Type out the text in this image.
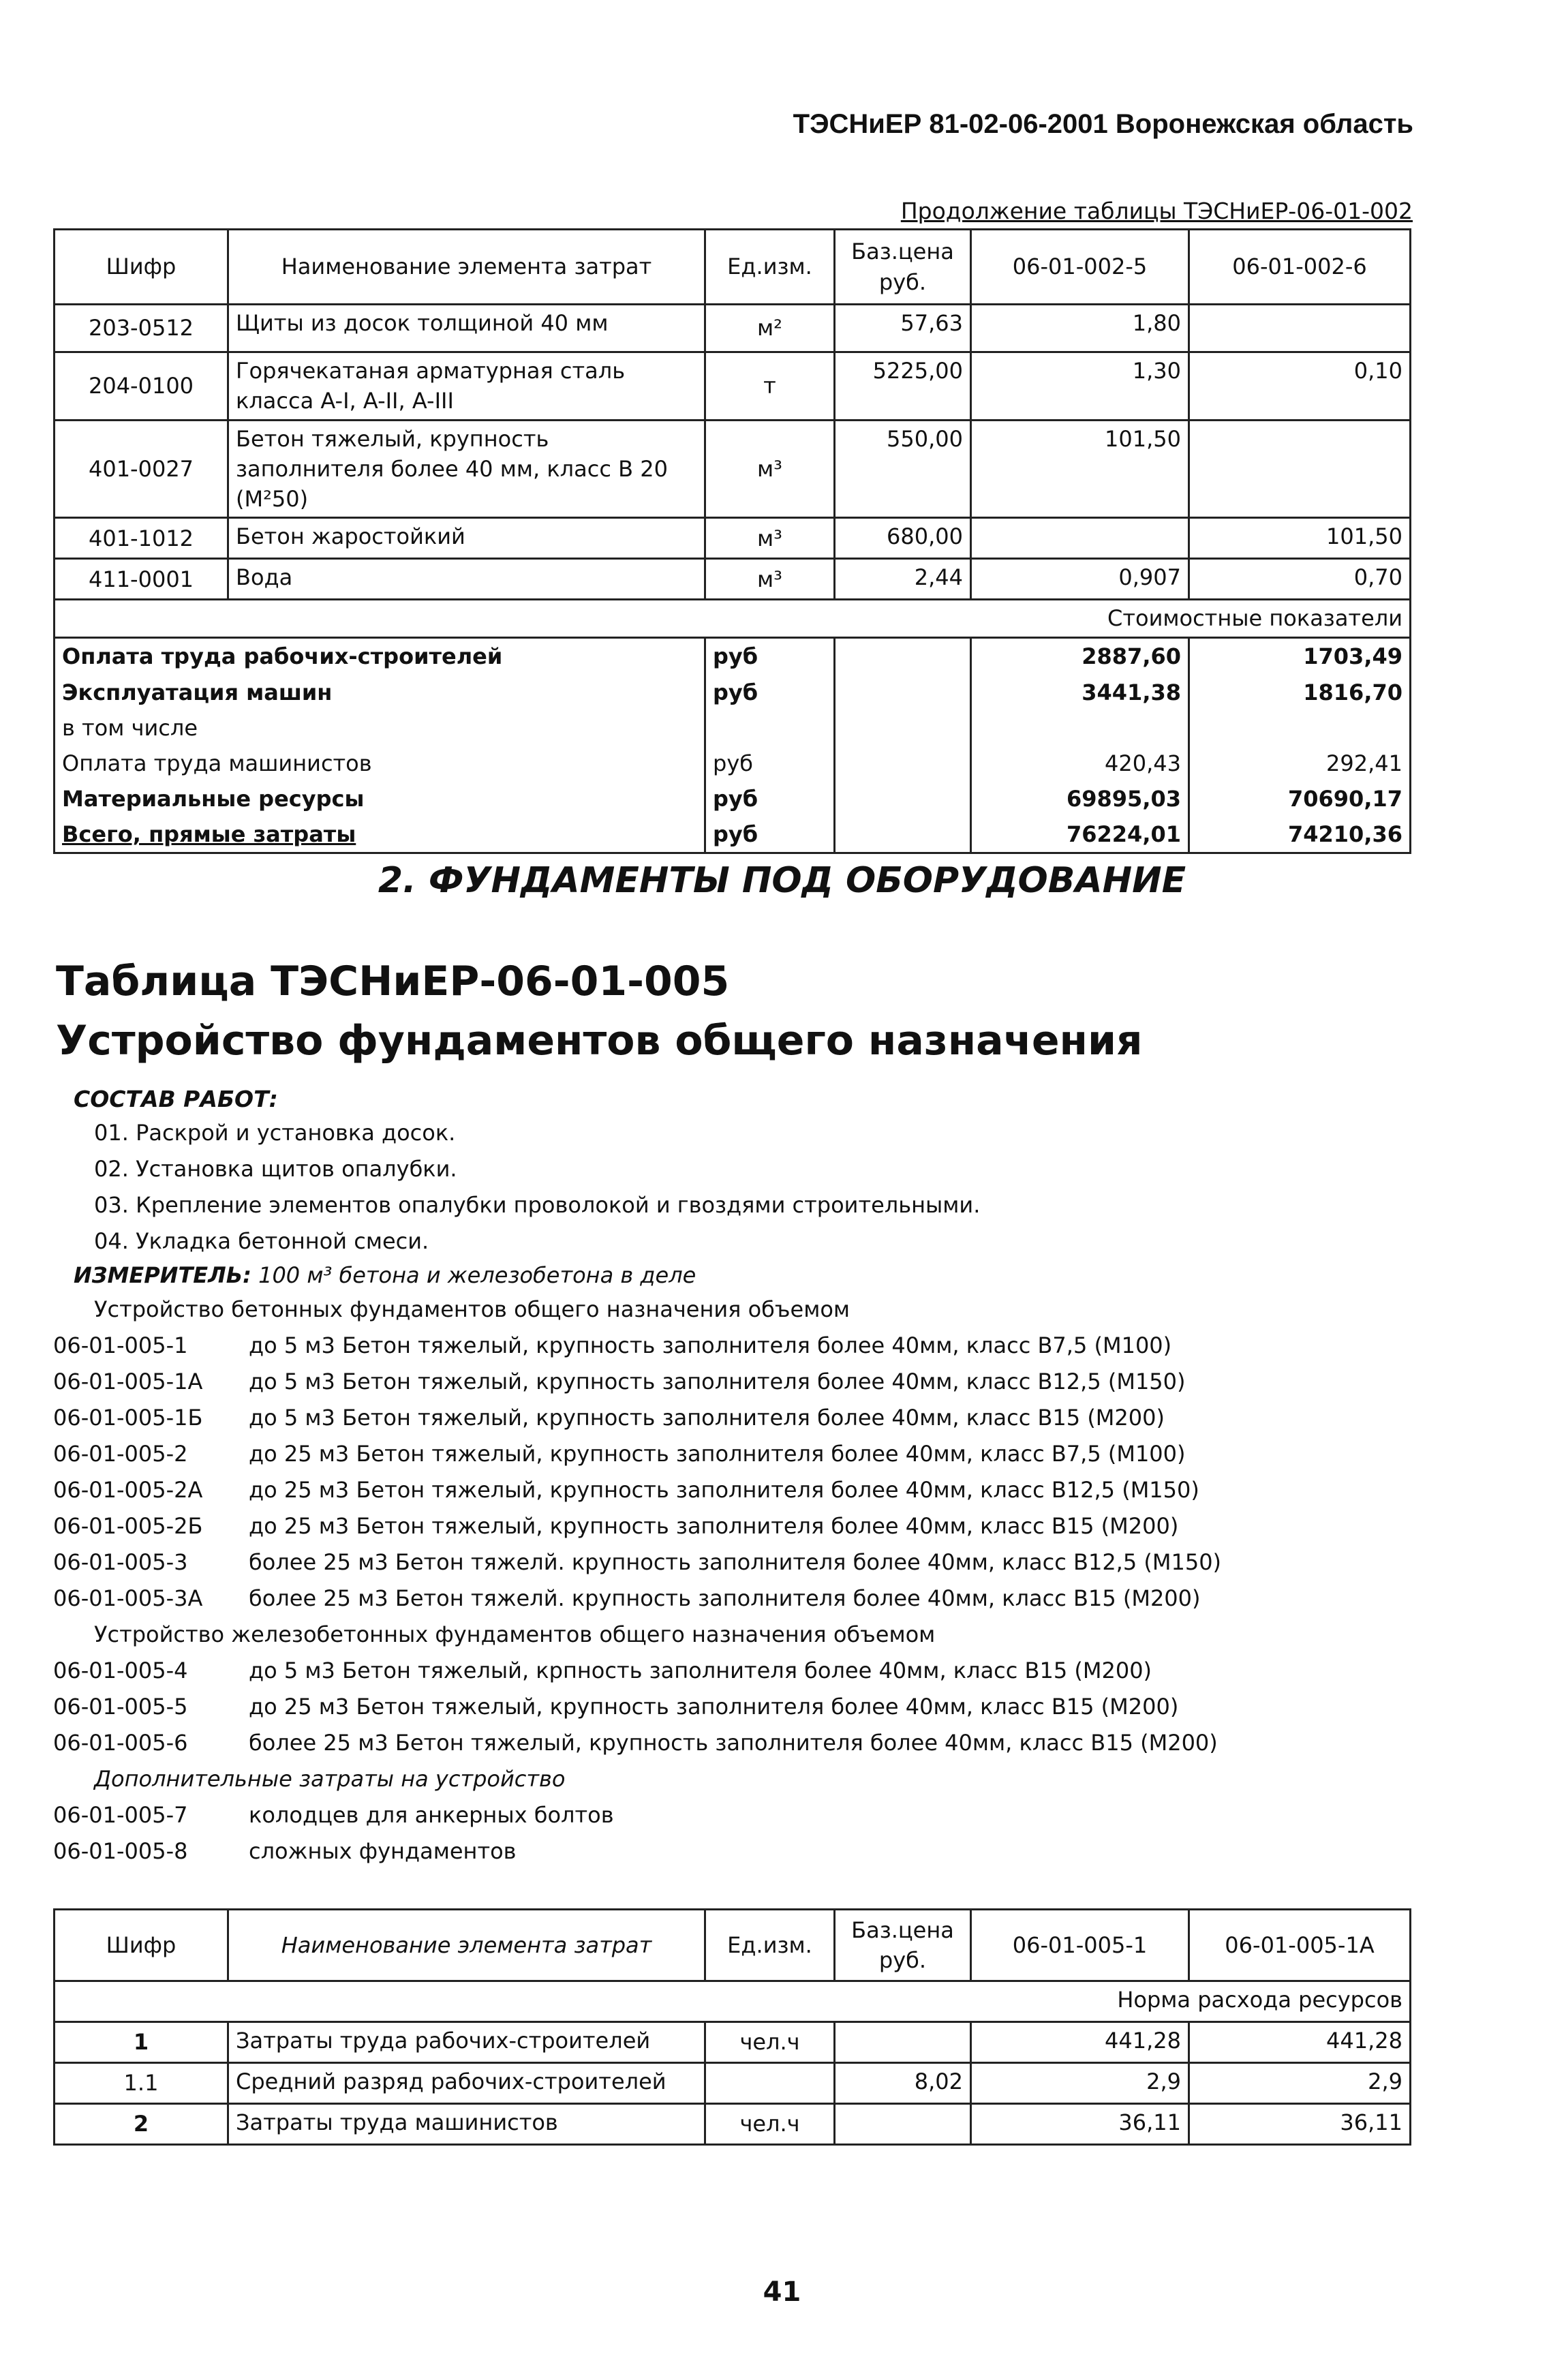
ТЭСНиЕР 81-02-06-2001 Воронежская область
Продолжение таблицы ТЭСНиЕР-06-01-002
Шифр	Наименование элемента затрат	Ед.изм.	Баз.цена руб.	06-01-002-5	06-01-002-6
203-0512	Щиты из досок толщиной 40 мм	м²	57,63	1,80	
204-0100	Горячекатаная арматурная сталь класса A-I, A-II, A-III	т	5225,00	1,30	0,10
401-0027	Бетон тяжелый, крупность заполнителя более 40 мм, класс В 20 (М²50)	м³	550,00	101,50	
401-1012	Бетон жаростойкий	м³	680,00		101,50
411-0001	Вода	м³	2,44	0,907	0,70
Стоимостные показатели					
Оплата труда рабочих-строителей		руб		2887,60	1703,49
Эксплуатация машин		руб		3441,38	1816,70
в том числе					
Оплата труда машинистов		руб		420,43	292,41
Материальные ресурсы		руб		69895,03	70690,17
Всего, прямые затраты		руб		76224,01	74210,36
2. ФУНДАМЕНТЫ ПОД ОБОРУДОВАНИЕ
Таблица ТЭСНиЕР-06-01-005
Устройство фундаментов общего назначения
СОСТАВ РАБОТ:
01. Раскрой и установка досок.
02. Установка щитов опалубки.
03. Крепление элементов опалубки проволокой и гвоздями строительными.
04. Укладка бетонной смеси.
ИЗМЕРИТЕЛЬ: 100 м³ бетона и железобетона в деле
Устройство бетонных фундаментов общего назначения объемом
06-01-005-1	до 5 м3 Бетон тяжелый, крупность заполнителя более 40мм, класс В7,5 (М100)
06-01-005-1А до 5 м3 Бетон тяжелый, крупность заполнителя более 40мм, класс В12,5 (М150)
06-01-005-1Б до 5 м3 Бетон тяжелый, крупность заполнителя более 40мм, класс В15 (М200)
06-01-005-2	до 25 м3 Бетон тяжелый, крупность заполнителя более 40мм, класс В7,5 (М100)
06-01-005-2А до 25 м3 Бетон тяжелый, крупность заполнителя более 40мм, класс В12,5 (М150)
06-01-005-2Б до 25 м3 Бетон тяжелый, крупность заполнителя более 40мм, класс В15 (М200)
06-01-005-3	более 25 м3 Бетон тяжелй. крупность заполнителя более 40мм, класс В12,5 (М150)
06-01-005-3А более 25 м3 Бетон тяжелй. крупность заполнителя более 40мм, класс В15 (М200)
Устройство железобетонных фундаментов общего назначения объемом
06-01-005-4	до 5 м3 Бетон тяжелый, крпность заполнителя более 40мм, класс В15 (М200)
06-01-005-5	до 25 м3 Бетон тяжелый, крупность заполнителя более 40мм, класс В15 (М200)
06-01-005-6	более 25 м3 Бетон тяжелый, крупность заполнителя более 40мм, класс В15 (М200)
Дополнительные затраты на устройство
06-01-005-7	колодцев для анкерных болтов
06-01-005-8	сложных фундаментов
Шифр	Наименование элемента затрат	Ед.изм.	Баз.цена руб.	06-01-005-1	06-01-005-1А
Норма расхода ресурсов					
1	Затраты труда рабочих-строителей	чел.ч		441,28	441,28
1.1	Средний разряд рабочих-строителей		8,02	2,9	2,9
2	Затраты труда машинистов	чел.ч		36,11	36,11
41
